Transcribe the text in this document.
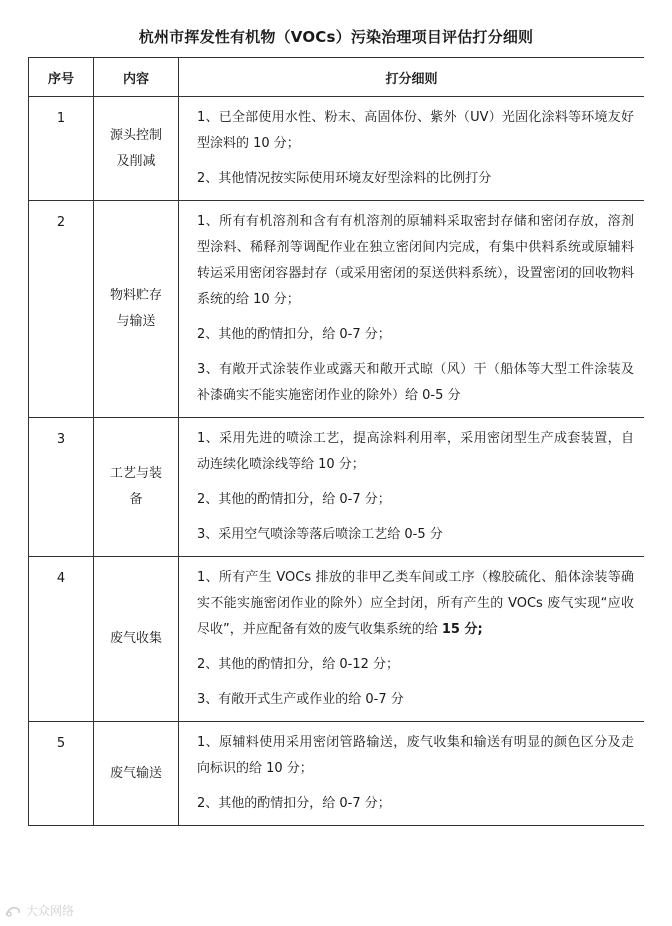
杭州市挥发性有机物（VOCs）污染治理项目评估打分细则
序号	内容	打分细则
1	源头控制及削减	1、已全部使用水性、粉末、高固体份、紫外（UV）光固化涂料等环境友好型涂料的 10 分；

2、其他情况按实际使用环境友好型涂料的比例打分

2	物料贮存与输送	1、所有有机溶剂和含有有机溶剂的原辅料采取密封存储和密闭存放，溶剂型涂料、稀释剂等调配作业在独立密闭间内完成，有集中供料系统或原辅料转运采用密闭容器封存（或采用密闭的泵送供料系统），设置密闭的回收物料系统的给 10 分；

2、其他的酌情扣分，给 0-7 分；

3、有敞开式涂装作业或露天和敞开式晾（风）干（船体等大型工件涂装及补漆确实不能实施密闭作业的除外）给 0-5 分

3	工艺与装备	1、采用先进的喷涂工艺，提高涂料利用率，采用密闭型生产成套装置，自动连续化喷涂线等给 10 分；

2、其他的酌情扣分，给 0-7 分；

3、采用空气喷涂等落后喷涂工艺给 0-5 分

4	废气收集	1、所有产生 VOCs 排放的非甲乙类车间或工序（橡胶硫化、船体涂装等确实不能实施密闭作业的除外）应全封闭，所有产生的 VOCs 废气实现“应收尽收”，并应配备有效的废气收集系统的给 15 分;

2、其他的酌情扣分，给 0-12 分；

3、有敞开式生产或作业的给 0-7 分

5	废气输送	1、原辅料使用采用密闭管路输送，废气收集和输送有明显的颜色区分及走向标识的给 10 分；

2、其他的酌情扣分，给 0-7 分；

大众网络
